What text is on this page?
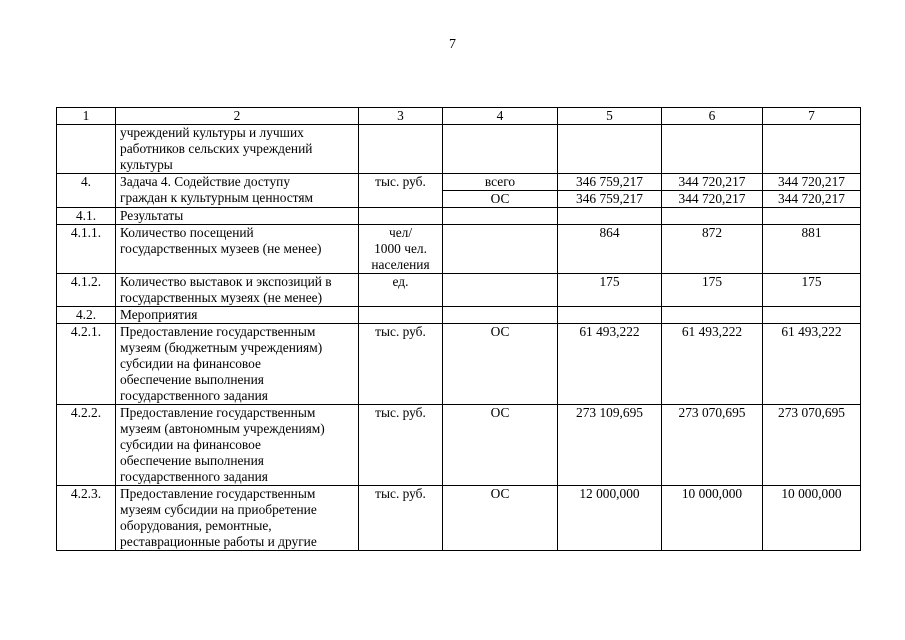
7
1	2	3	4	5	6	7

	учреждений культуры и лучших
работников сельских учреждений
культуры					

4.	Задача 4. Содействие доступу
граждан к культурным ценностям	тыс. руб.	всего	346 759,217	344 720,217	344 720,217
			ОС	346 759,217	344 720,217	344 720,217
4.1.	Результаты					

4.1.1.	Количество посещений
государственных музеев (не менее)	чел/
1000 чел.
населения		864	872	881
4.1.2.	Количество выставок и экспозиций в
государственных музеях (не менее)	ед.		175	175	175
4.2.	Мероприятия					

4.2.1.	Предоставление государственным
музеям (бюджетным учреждениям)
субсидии на финансовое
обеспечение выполнения
государственного задания	тыс. руб.	ОС	61 493,222	61 493,222	61 493,222
4.2.2.	Предоставление государственным
музеям (автономным учреждениям)
субсидии на финансовое
обеспечение выполнения
государственного задания	тыс. руб.	ОС	273 109,695	273 070,695	273 070,695
4.2.3.	Предоставление государственным
музеям субсидии на приобретение
оборудования, ремонтные,
реставрационные работы и другие	тыс. руб.	ОС	12 000,000	10 000,000	10 000,000
